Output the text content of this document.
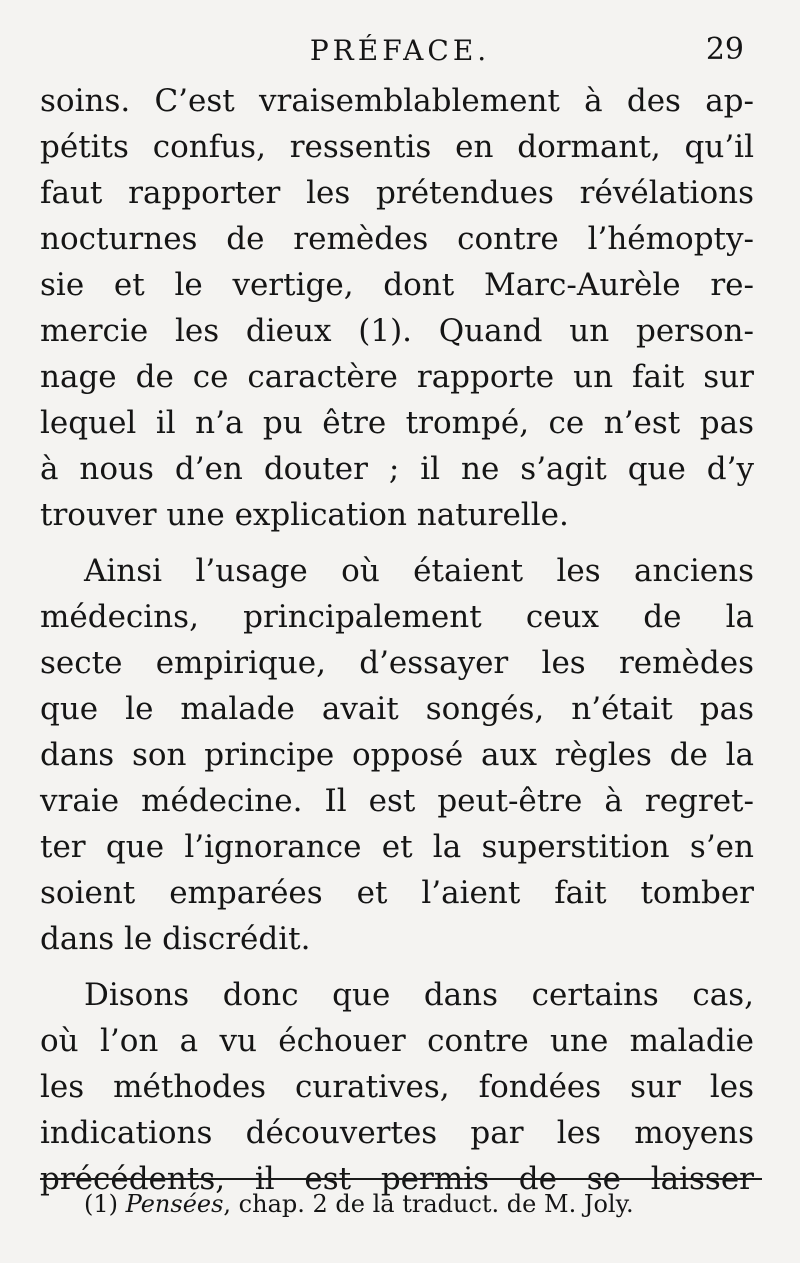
PRÉFACE.	29
soins. C’est vraisemblablement à des ap-
pétits confus, ressentis en dormant, qu’il
faut rapporter les prétendues révélations
nocturnes de remèdes contre l’hémopty-
sie et le vertige, dont Marc-Aurèle re-
mercie les dieux (1). Quand un person-
nage de ce caractère rapporte un fait sur
lequel il n’a pu être trompé, ce n’est pas
à nous d’en douter ; il ne s’agit que d’y
trouver une explication naturelle.
Ainsi l’usage où étaient les anciens
médecins, principalement ceux de la
secte empirique, d’essayer les remèdes
que le malade avait songés, n’était pas
dans son principe opposé aux règles de la
vraie médecine. Il est peut-être à regret-
ter que l’ignorance et la superstition s’en
soient emparées et l’aient fait tomber
dans le discrédit.
Disons donc que dans certains cas,
où l’on a vu échouer contre une maladie
les méthodes curatives, fondées sur les
indications découvertes par les moyens
précédents, il est permis de se laisser
(1) Pensées, chap. 2 de la traduct. de M. Joly.
